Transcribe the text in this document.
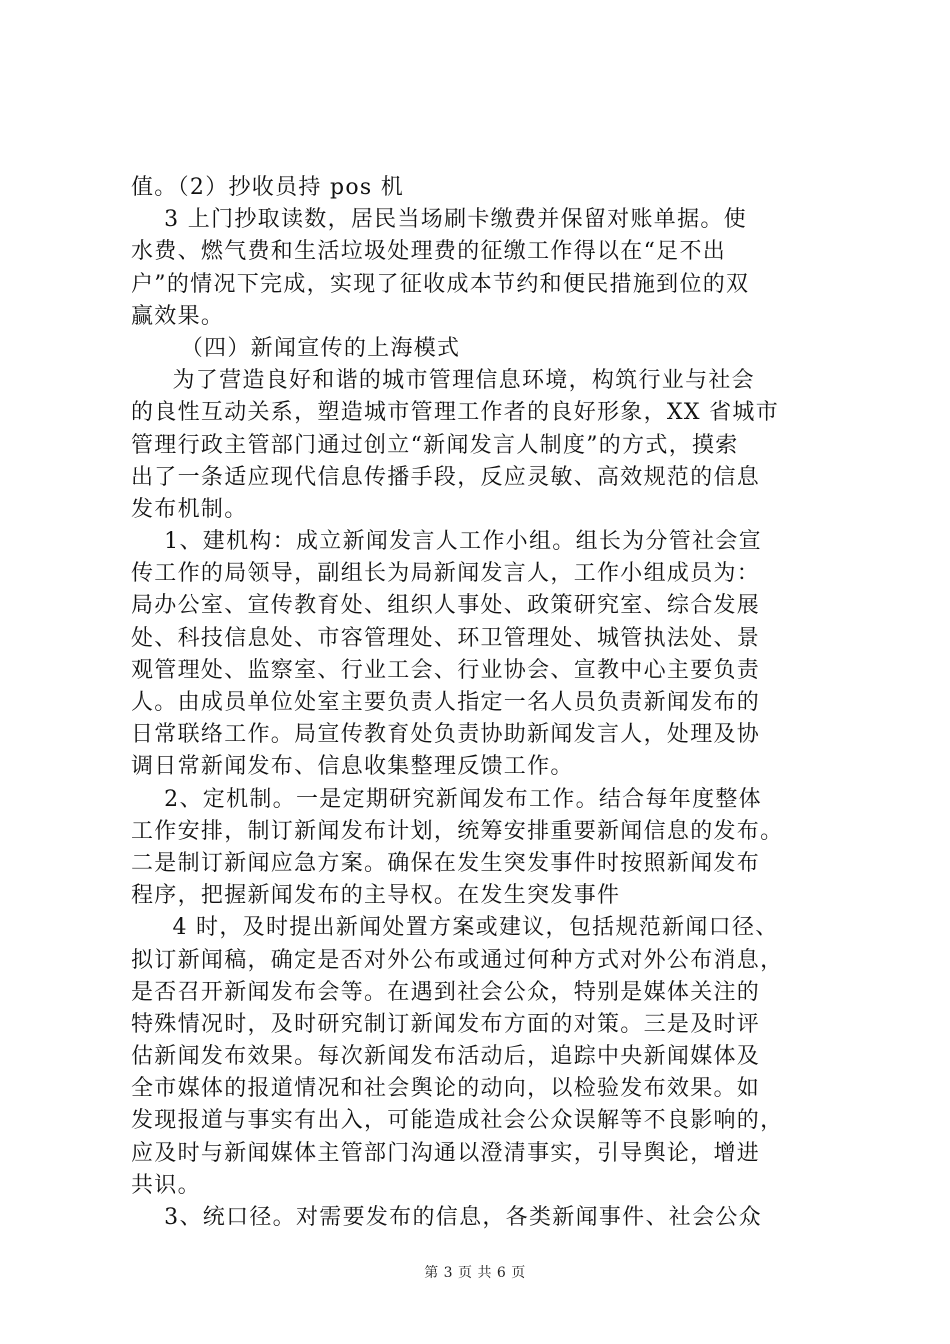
值。（2）抄收员持 pos 机
3 上门抄取读数，居民当场刷卡缴费并保留对账单据。使
水费、燃气费和生活垃圾处理费的征缴工作得以在“足不出
户”的情况下完成，实现了征收成本节约和便民措施到位的双
赢效果。
（四）新闻宣传的上海模式
为了营造良好和谐的城市管理信息环境，构筑行业与社会
的良性互动关系，塑造城市管理工作者的良好形象，XX 省城市
管理行政主管部门通过创立“新闻发言人制度”的方式，摸索
出了一条适应现代信息传播手段，反应灵敏、高效规范的信息
发布机制。
1、建机构：成立新闻发言人工作小组。组长为分管社会宣
传工作的局领导，副组长为局新闻发言人，工作小组成员为：
局办公室、宣传教育处、组织人事处、政策研究室、综合发展
处、科技信息处、市容管理处、环卫管理处、城管执法处、景
观管理处、监察室、行业工会、行业协会、宣教中心主要负责
人。由成员单位处室主要负责人指定一名人员负责新闻发布的
日常联络工作。局宣传教育处负责协助新闻发言人，处理及协
调日常新闻发布、信息收集整理反馈工作。
2、定机制。一是定期研究新闻发布工作。结合每年度整体
工作安排，制订新闻发布计划，统筹安排重要新闻信息的发布。
二是制订新闻应急方案。确保在发生突发事件时按照新闻发布
程序，把握新闻发布的主导权。在发生突发事件
4 时，及时提出新闻处置方案或建议，包括规范新闻口径、
拟订新闻稿，确定是否对外公布或通过何种方式对外公布消息，
是否召开新闻发布会等。在遇到社会公众，特别是媒体关注的
特殊情况时，及时研究制订新闻发布方面的对策。三是及时评
估新闻发布效果。每次新闻发布活动后，追踪中央新闻媒体及
全市媒体的报道情况和社会舆论的动向，以检验发布效果。如
发现报道与事实有出入，可能造成社会公众误解等不良影响的，
应及时与新闻媒体主管部门沟通以澄清事实，引导舆论，增进
共识。
3、统口径。对需要发布的信息，各类新闻事件、社会公众
第 3 页 共 6 页
